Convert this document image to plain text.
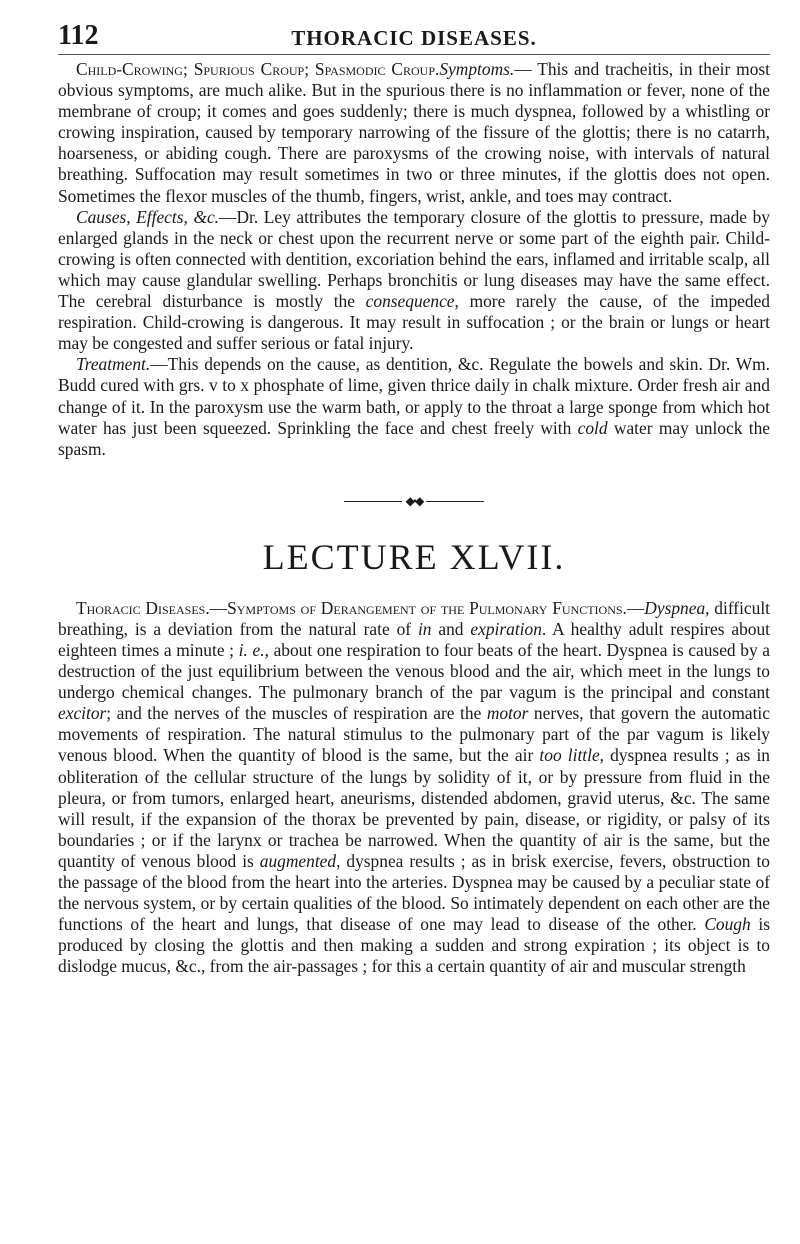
112	THORACIC DISEASES.

Child-Crowing; Spurious Croup; Spasmodic Croup.Symptoms.— This and tracheitis, in their most obvious symptoms, are much alike. But in the spurious there is no inflammation or fever, none of the membrane of croup; it comes and goes suddenly; there is much dyspnea, followed by a whistling or crowing inspiration, caused by temporary narrowing of the fissure of the glottis; there is no catarrh, hoarseness, or abiding cough. There are paroxysms of the crowing noise, with intervals of natural breathing. Suffocation may result sometimes in two or three minutes, if the glottis does not open. Sometimes the flexor muscles of the thumb, fingers, wrist, ankle, and toes may contract.

Causes, Effects, &c.—Dr. Ley attributes the temporary closure of the glottis to pressure, made by enlarged glands in the neck or chest upon the recurrent nerve or some part of the eighth pair. Child-crowing is often connected with dentition, excoriation behind the ears, inflamed and irritable scalp, all which may cause glandular swelling. Perhaps bronchitis or lung diseases may have the same effect. The cerebral disturbance is mostly the consequence, more rarely the cause, of the impeded respiration. Child-crowing is dangerous. It may result in suffocation ; or the brain or lungs or heart may be congested and suffer serious or fatal injury.

Treatment.—This depends on the cause, as dentition, &c. Regulate the bowels and skin. Dr. Wm. Budd cured with grs. v to x phosphate of lime, given thrice daily in chalk mixture. Order fresh air and change of it. In the paroxysm use the warm bath, or apply to the throat a large sponge from which hot water has just been squeezed. Sprinkling the face and chest freely with cold water may unlock the spasm.

◆•◆
LECTURE XLVII.

Thoracic Diseases.—Symptoms of Derangement of the Pulmonary Functions.—Dyspnea, difficult breathing, is a deviation from the natural rate of in and expiration. A healthy adult respires about eighteen times a minute ; i. e., about one respiration to four beats of the heart. Dyspnea is caused by a destruction of the just equilibrium between the venous blood and the air, which meet in the lungs to undergo chemical changes. The pulmonary branch of the par vagum is the principal and constant excitor; and the nerves of the muscles of respiration are the motor nerves, that govern the automatic movements of respiration. The natural stimulus to the pulmonary part of the par vagum is likely venous blood. When the quantity of blood is the same, but the air too little, dyspnea results ; as in obliteration of the cellular structure of the lungs by solidity of it, or by pressure from fluid in the pleura, or from tumors, enlarged heart, aneurisms, distended abdomen, gravid uterus, &c. The same will result, if the expansion of the thorax be prevented by pain, disease, or rigidity, or palsy of its boundaries ; or if the larynx or trachea be narrowed. When the quantity of air is the same, but the quantity of venous blood is augmented, dyspnea results ; as in brisk exercise, fevers, obstruction to the passage of the blood from the heart into the arteries. Dyspnea may be caused by a peculiar state of the nervous system, or by certain qualities of the blood. So intimately dependent on each other are the functions of the heart and lungs, that disease of one may lead to disease of the other. Cough is produced by closing the glottis and then making a sudden and strong expiration ; its object is to dislodge mucus, &c., from the air-passages ; for this a certain quantity of air and muscular strength
